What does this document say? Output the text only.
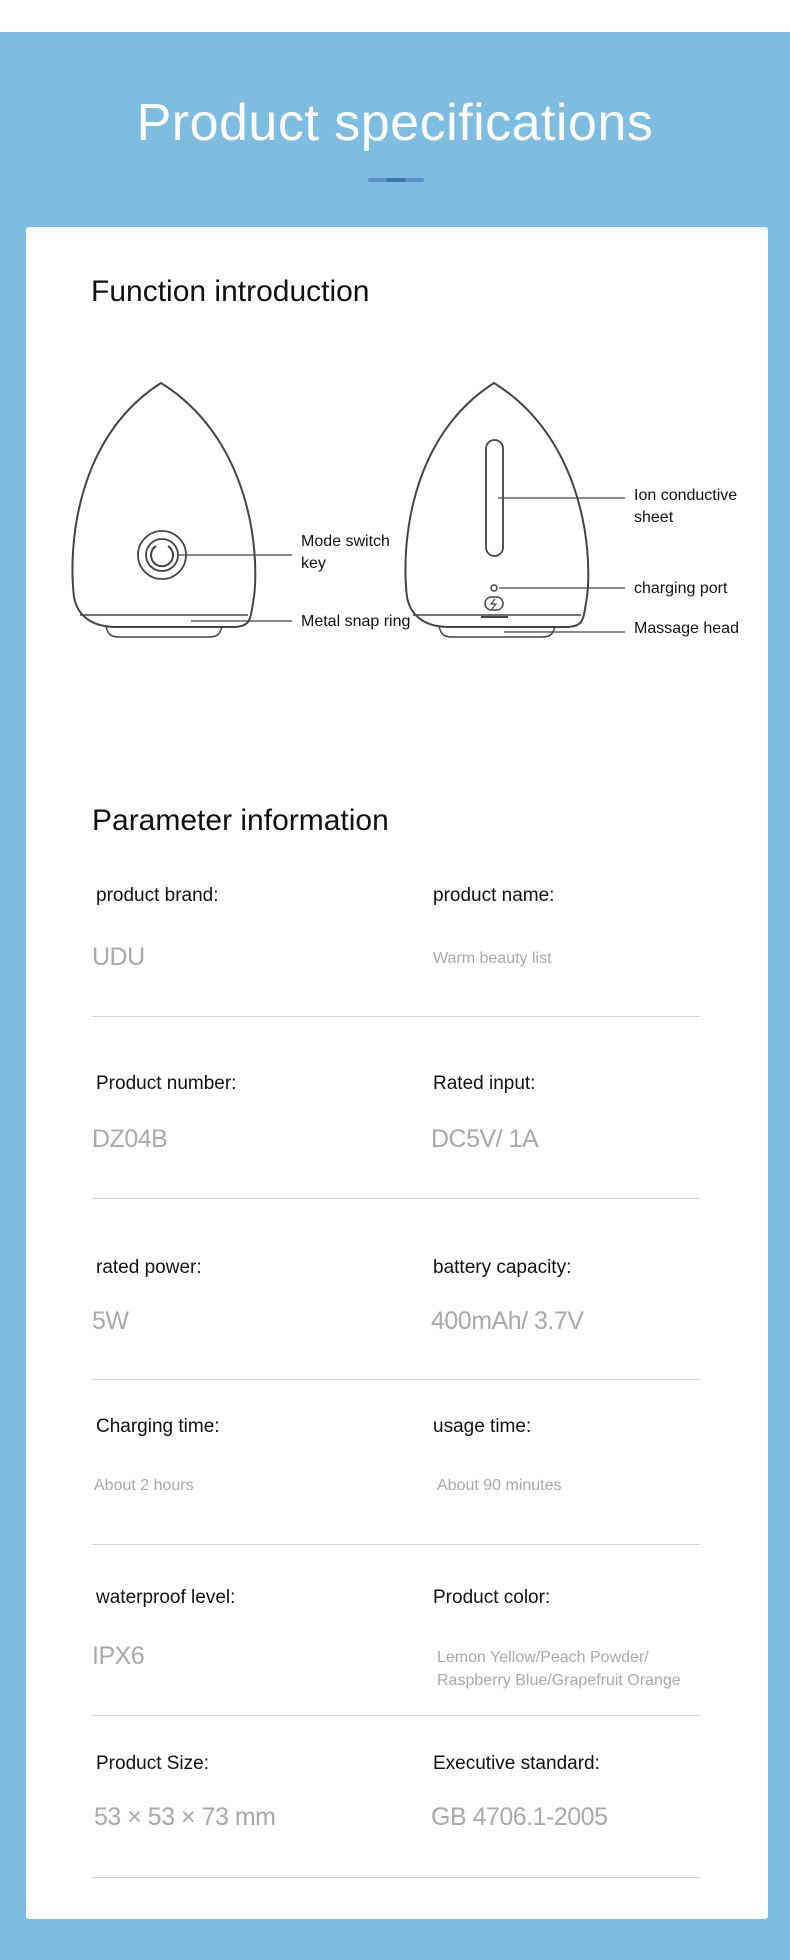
Product specifications
Function introduction
Mode switch key
Metal snap ring
Ion conductive sheet
charging port
Massage head
Parameter information
product brand:	product name:
UDU	Warm beauty list
Product number:	Rated input:
DZ04B	DC5V/ 1A
rated power:	battery capacity:
5W	400mAh/ 3.7V
Charging time:	usage time:
About 2 hours	About 90 minutes
waterproof level:	Product color:
IPX6	Lemon Yellow/Peach Powder/ Raspberry Blue/Grapefruit Orange
Product Size:	Executive standard:
53 × 53 × 73 mm	GB 4706.1-2005
